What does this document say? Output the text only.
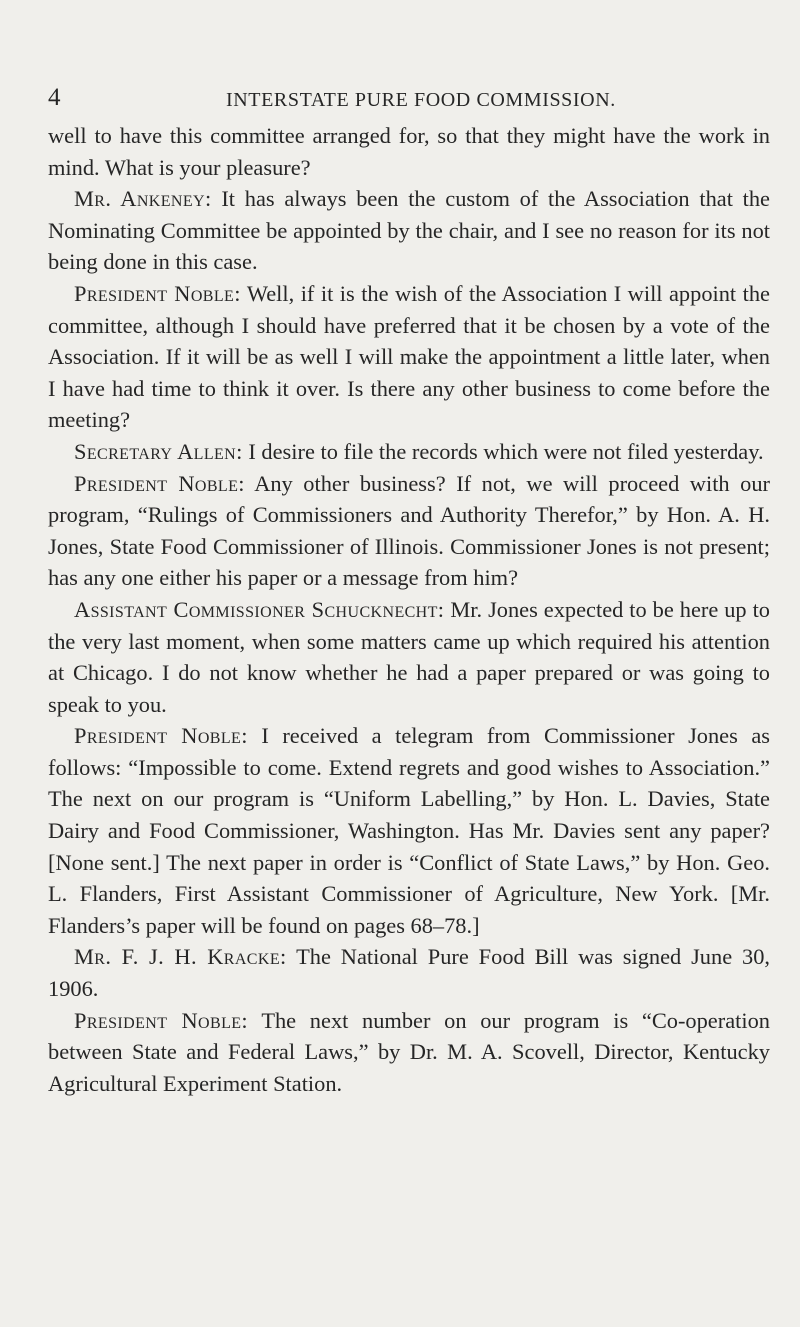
4	INTERSTATE PURE FOOD COMMISSION.

well to have this committee arranged for, so that they might have the work in mind. What is your pleasure?

Mr. Ankeney: It has always been the custom of the Association that the Nominating Committee be appointed by the chair, and I see no reason for its not being done in this case.

President Noble: Well, if it is the wish of the Association I will appoint the committee, although I should have preferred that it be chosen by a vote of the Association. If it will be as well I will make the appointment a little later, when I have had time to think it over. Is there any other business to come before the meeting?

Secretary Allen: I desire to file the records which were not filed yesterday.

President Noble: Any other business? If not, we will proceed with our program, “Rulings of Commissioners and Authority Therefor,” by Hon. A. H. Jones, State Food Commissioner of Illinois. Commissioner Jones is not present; has any one either his paper or a message from him?

Assistant Commissioner Schucknecht: Mr. Jones expected to be here up to the very last moment, when some matters came up which required his attention at Chicago. I do not know whether he had a paper prepared or was going to speak to you.

President Noble: I received a telegram from Commissioner Jones as follows: “Impossible to come. Extend regrets and good wishes to Association.” The next on our program is “Uniform Labelling,” by Hon. L. Davies, State Dairy and Food Commissioner, Washington. Has Mr. Davies sent any paper? [None sent.] The next paper in order is “Conflict of State Laws,” by Hon. Geo. L. Flanders, First Assistant Commissioner of Agriculture, New York. [Mr. Flanders’s paper will be found on pages 68–78.]

Mr. F. J. H. Kracke: The National Pure Food Bill was signed June 30, 1906.

President Noble: The next number on our program is “Co-operation between State and Federal Laws,” by Dr. M. A. Scovell, Director, Kentucky Agricultural Experiment Station.
